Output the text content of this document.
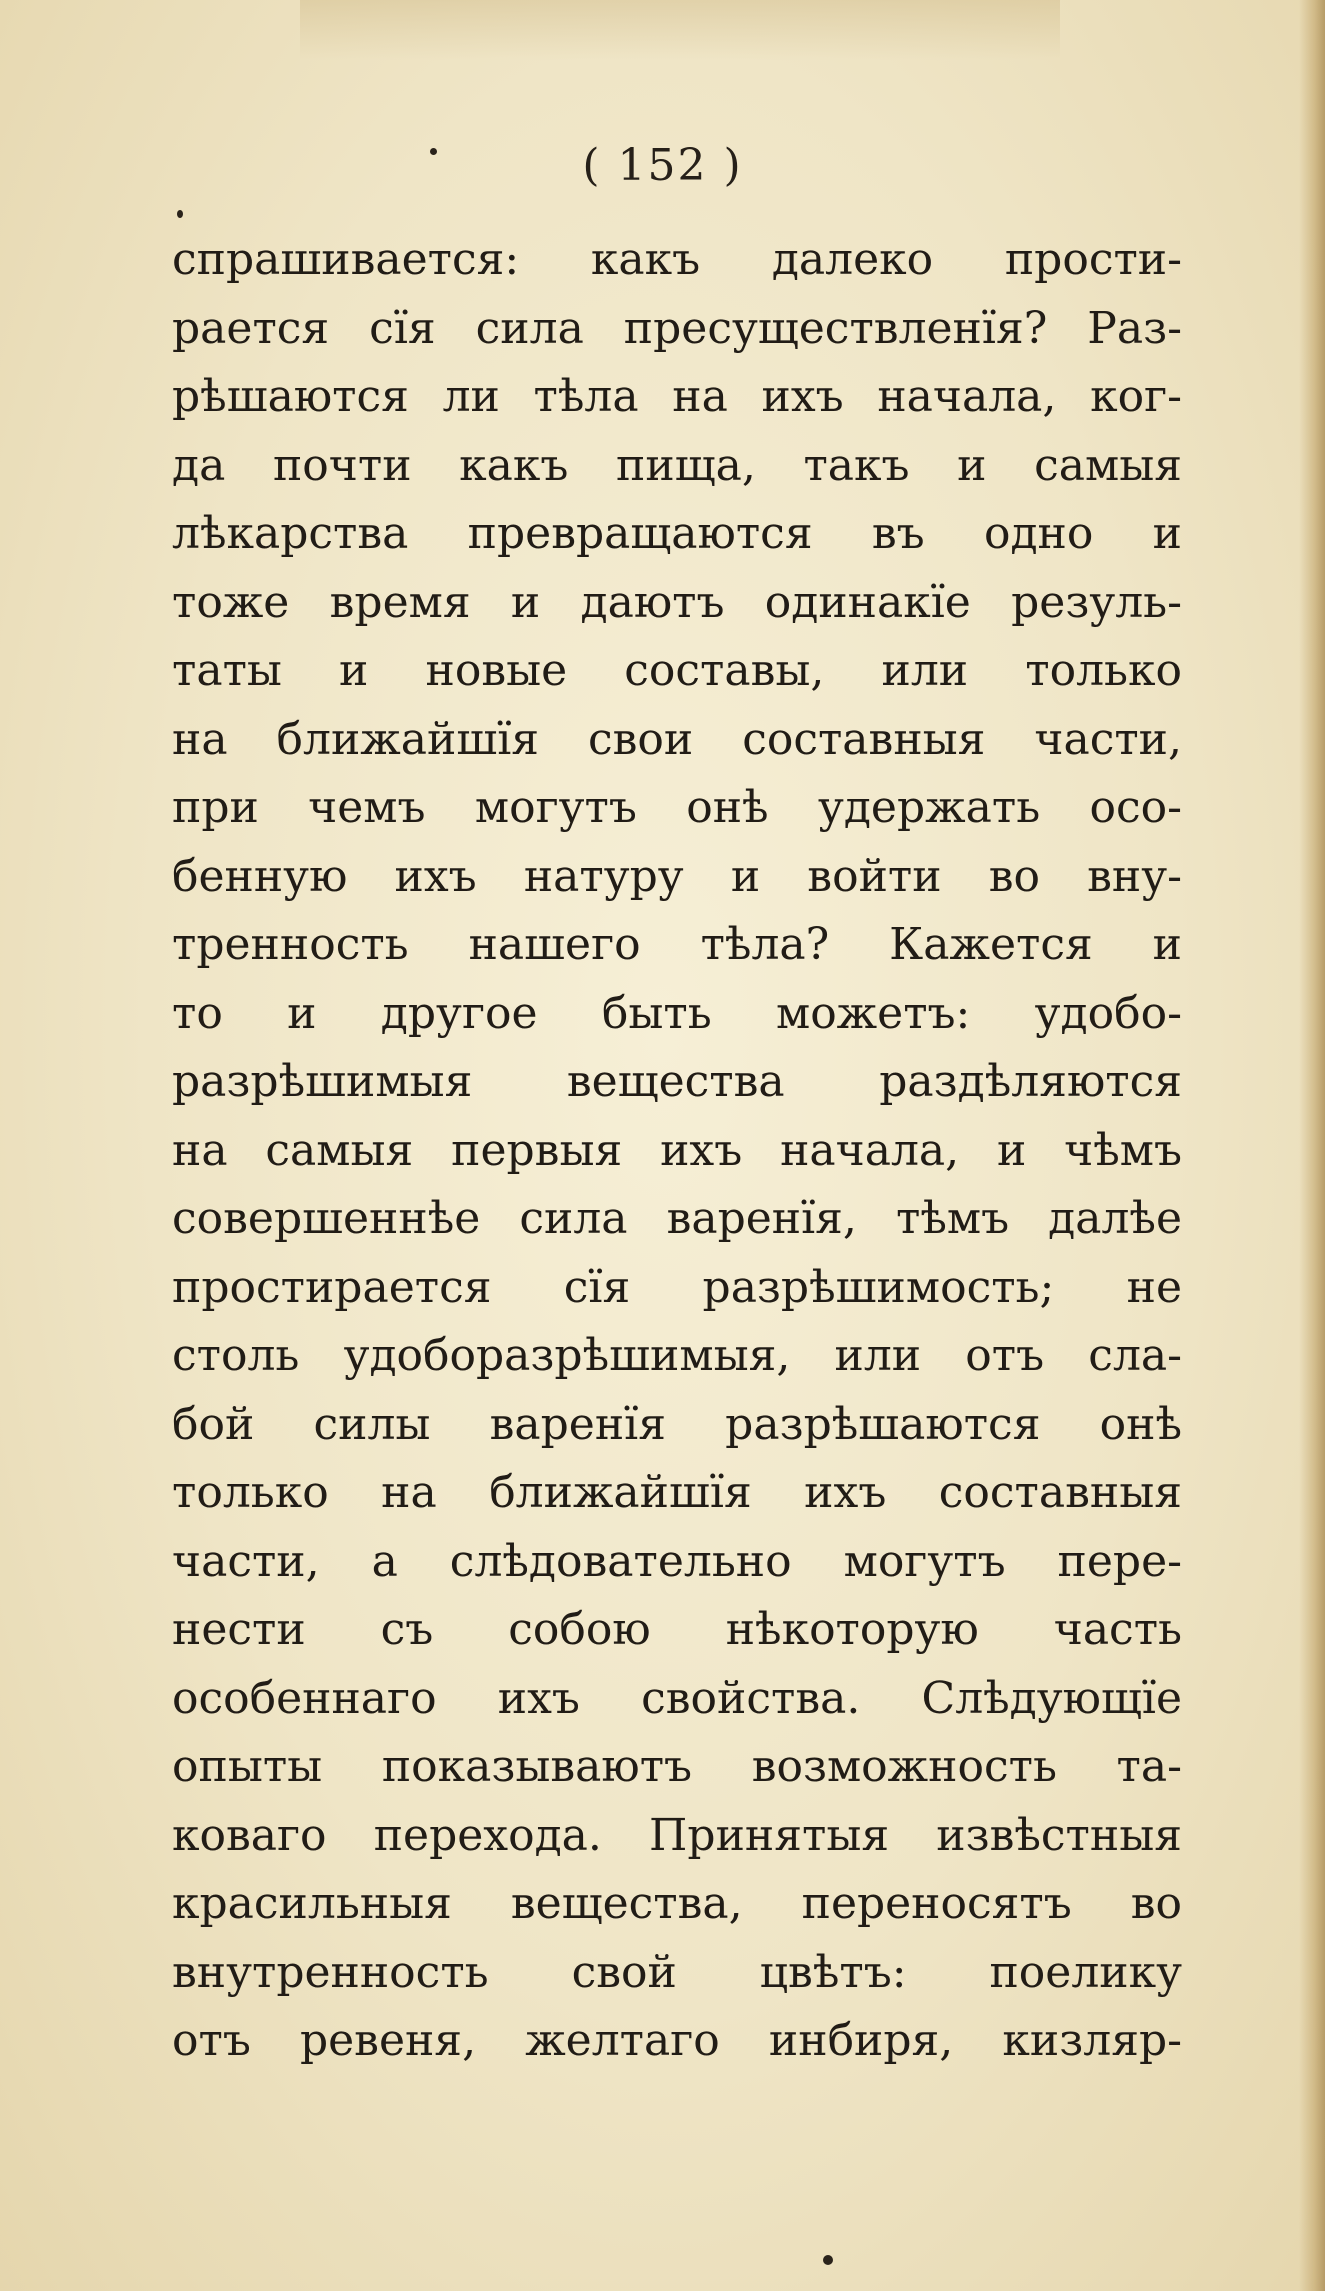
( 152 )
спрашивается: какъ далеко прости-
рается сїя сила пресуществленїя? Раз-
рѣшаются ли тѣла на ихъ начала, ког-
да почти какъ пища, такъ и самыя
лѣкарства превращаются въ одно и
тоже время и даютъ одинакїе резуль-
таты и новые составы, или только
на ближайшїя свои составныя части,
при чемъ могутъ онѣ удержать осо-
бенную ихъ натуру и войти во вну-
тренность нашего тѣла? Кажется и
то и другое быть можетъ: удобо-
разрѣшимыя вещества раздѣляются
на самыя первыя ихъ начала, и чѣмъ
совершеннѣе сила варенїя, тѣмъ далѣе
простирается сїя разрѣшимость; не
столь удоборазрѣшимыя, или отъ сла-
бой силы варенїя разрѣшаются онѣ
только на ближайшїя ихъ составныя
части, а слѣдовательно могутъ пере-
нести съ собою нѣкоторую часть
особеннаго ихъ свойства. Слѣдующїе
опыты показываютъ возможность та-
коваго перехода. Принятыя извѣстныя
красильныя вещества, переносятъ во
внутренность свой цвѣтъ: поелику
отъ ревеня, желтаго инбиря, кизляр-
